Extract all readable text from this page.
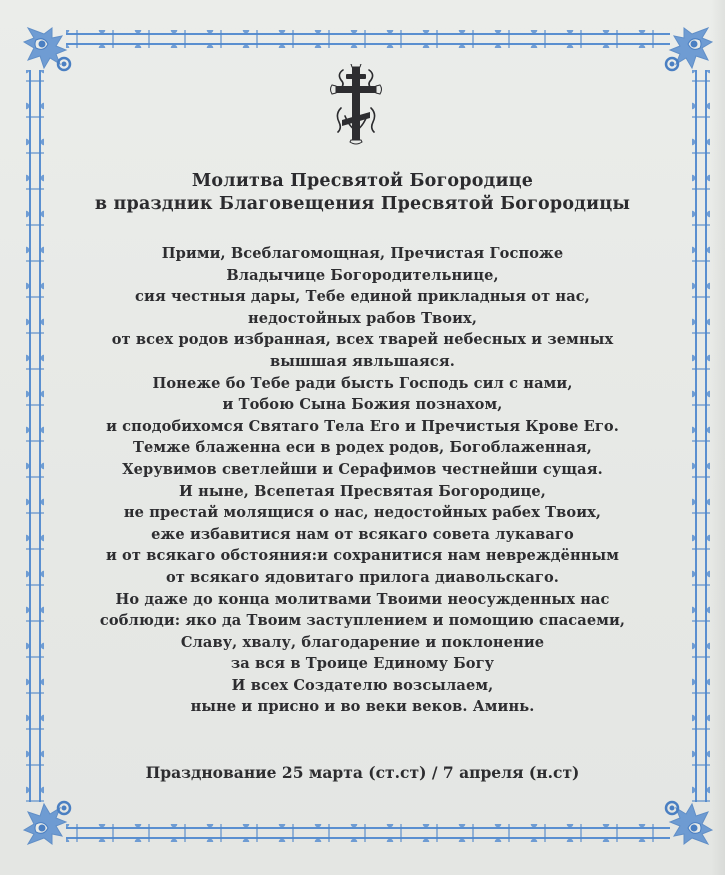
Молитва Пресвятой Богородице
в праздник Благовещения Пресвятой Богородицы
Прими, Всеблагомощная, Пречистая Госпоже
Владычице Богородительнице,
сия честныя дары, Тебе единой прикладныя от нас,
недостойных рабов Твоих,
от всех родов избранная, всех тварей небесных и земных
вышшая явльшаяся.
Понеже бо Тебе ради бысть Господь сил с нами,
и Тобою Сына Божия познахом,
и сподобихомся Святаго Тела Его и Пречистыя Крове Его.
Темже блаженна еси в родех родов, Богоблаженная,
Херувимов светлейши и Серафимов честнейши сущая.
И ныне, Всепетая Пресвятая Богородице,
не престай молящися о нас, недостойных рабех Твоих,
еже избавитися нам от всякаго совета лукаваго
и от всякаго обстояния:и сохранитися нам невреждённым
от всякаго ядовитаго прилога диавольскаго.
Но даже до конца молитвами Твоими неосужденных нас
соблюди: яко да Твоим заступлением и помощию спасаеми,
Славу, хвалу, благодарение и поклонение
за вся в Троице Единому Богу
И всех Создателю возсылаем,
ныне и присно и во веки веков. Аминь.
Празднование 25 марта (ст.ст) / 7 апреля (н.ст)
